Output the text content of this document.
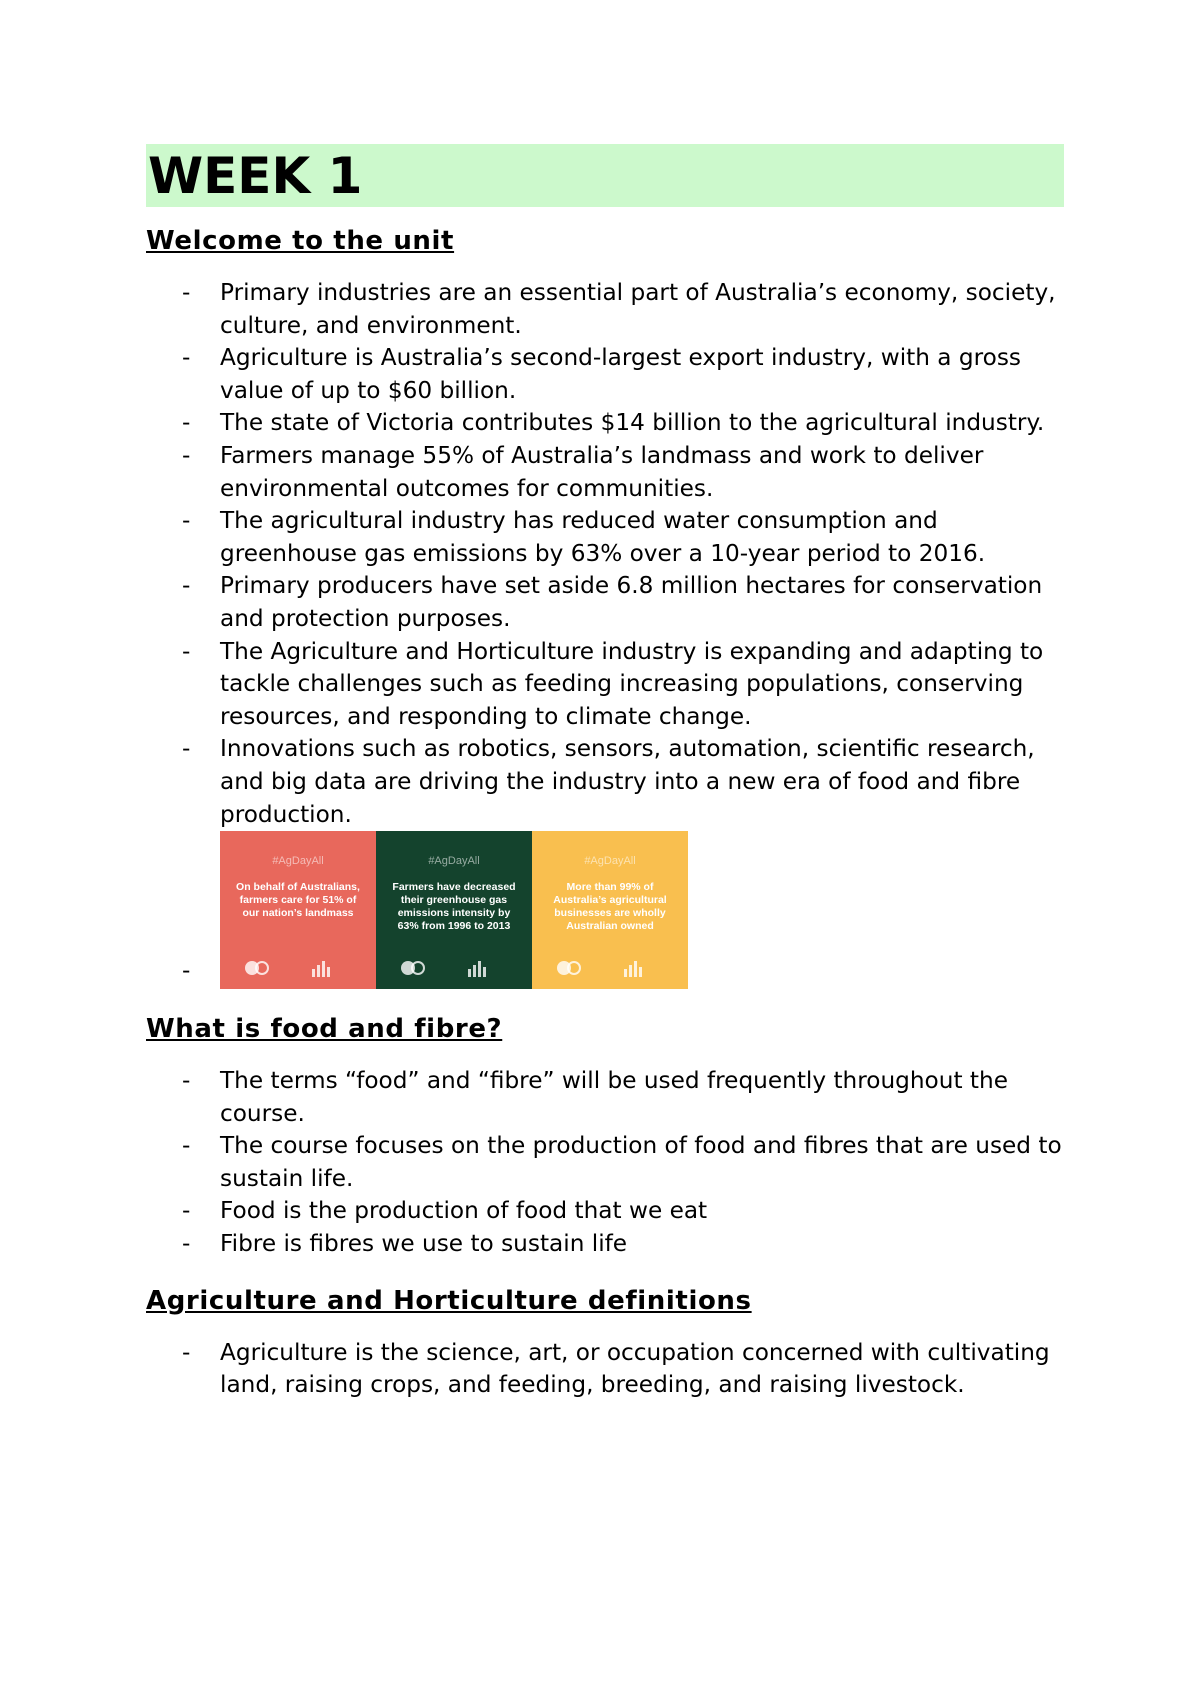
WEEK 1
Welcome to the unit
- Primary industries are an essential part of Australia’s economy, society, culture, and environment.
- Agriculture is Australia’s second-largest export industry, with a gross value of up to $60 billion.
- The state of Victoria contributes $14 billion to the agricultural industry.
- Farmers manage 55% of Australia’s landmass and work to deliver environmental outcomes for communities.
- The agricultural industry has reduced water consumption and greenhouse gas emissions by 63% over a 10-year period to 2016.
- Primary producers have set aside 6.8 million hectares for conservation and protection purposes.
- The Agriculture and Horticulture industry is expanding and adapting to tackle challenges such as feeding increasing populations, conserving resources, and responding to climate change.
- Innovations such as robotics, sensors, automation, scientific research, and big data are driving the industry into a new era of food and fibre production.
-
#AgDayAll
On behalf of Australians, farmers care for 51% of our nation’s landmass
#AgDayAll
Farmers have decreased their greenhouse gas emissions intensity by 63% from 1996 to 2013
#AgDayAll
More than 99% of Australia’s agricultural businesses are wholly Australian owned
What is food and fibre?
- The terms “food” and “fibre” will be used frequently throughout the course.
- The course focuses on the production of food and fibres that are used to sustain life.
- Food is the production of food that we eat
- Fibre is fibres we use to sustain life
Agriculture and Horticulture definitions
- Agriculture is the science, art, or occupation concerned with cultivating land, raising crops, and feeding, breeding, and raising livestock.
